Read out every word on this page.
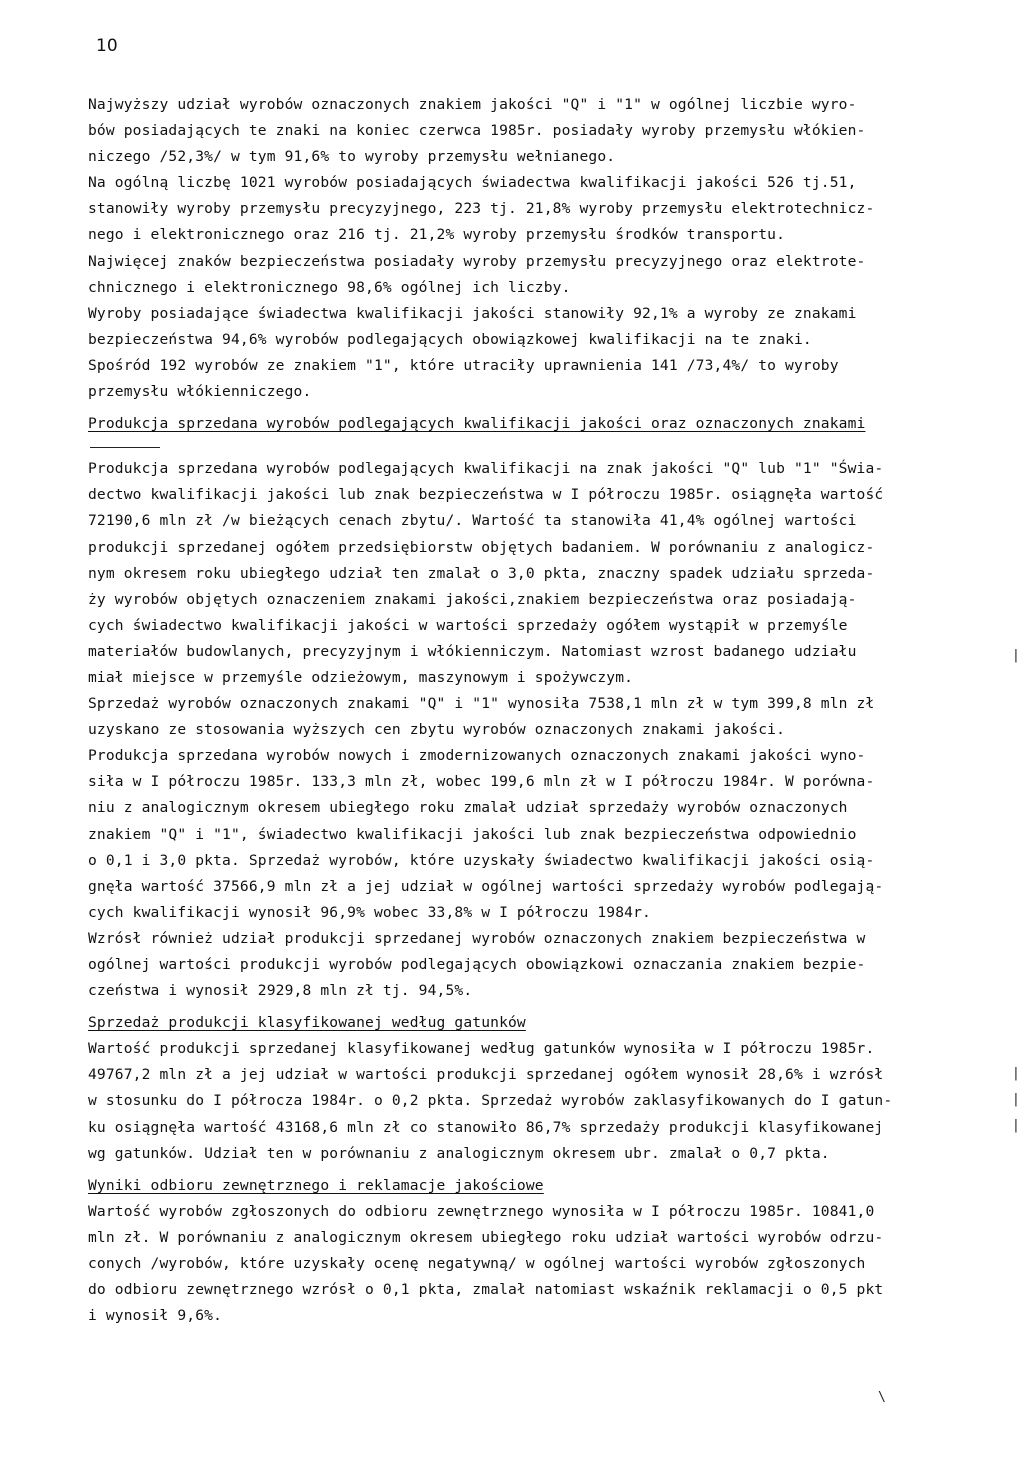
10
Najwyższy udział wyrobów oznaczonych znakiem jakości "Q" i "1" w ogólnej liczbie wyro-
bów posiadających te znaki na koniec czerwca 1985r. posiadały wyroby przemysłu włókien-
niczego /52,3%/ w tym 91,6% to wyroby przemysłu wełnianego.
Na ogólną liczbę 1021 wyrobów posiadających świadectwa kwalifikacji jakości 526 tj.51,
stanowiły wyroby przemysłu precyzyjnego, 223 tj. 21,8% wyroby przemysłu elektrotechnicz-
nego i elektronicznego oraz 216 tj. 21,2% wyroby przemysłu środków transportu.
Najwięcej znaków bezpieczeństwa posiadały wyroby przemysłu precyzyjnego oraz elektrote-
chnicznego i elektronicznego 98,6% ogólnej ich liczby.
Wyroby posiadające świadectwa kwalifikacji jakości stanowiły 92,1% a wyroby ze znakami
bezpieczeństwa 94,6% wyrobów podlegających obowiązkowej kwalifikacji na te znaki.
Spośród 192 wyrobów ze znakiem "1", które utraciły uprawnienia 141 /73,4%/ to wyroby
przemysłu włókienniczego.
Produkcja sprzedana wyrobów podlegających kwalifikacji jakości oraz oznaczonych znakami
Produkcja sprzedana wyrobów podlegających kwalifikacji na znak jakości "Q" lub "1" "Świa-
dectwo kwalifikacji jakości lub znak bezpieczeństwa w I półroczu 1985r. osiągnęła wartość
72190,6 mln zł /w bieżących cenach zbytu/. Wartość ta stanowiła 41,4% ogólnej wartości
produkcji sprzedanej ogółem przedsiębiorstw objętych badaniem. W porównaniu z analogicz-
nym okresem roku ubiegłego udział ten zmalał o 3,0 pkta, znaczny spadek udziału sprzeda-
ży wyrobów objętych oznaczeniem znakami jakości,znakiem bezpieczeństwa oraz posiadają-
cych świadectwo kwalifikacji jakości w wartości sprzedaży ogółem wystąpił w przemyśle
materiałów budowlanych, precyzyjnym i włókienniczym. Natomiast wzrost badanego udziału
miał miejsce w przemyśle odzieżowym, maszynowym i spożywczym.
Sprzedaż wyrobów oznaczonych znakami "Q" i "1" wynosiła 7538,1 mln zł w tym 399,8 mln zł
uzyskano ze stosowania wyższych cen zbytu wyrobów oznaczonych znakami jakości.
Produkcja sprzedana wyrobów nowych i zmodernizowanych oznaczonych znakami jakości wyno-
siła w I półroczu 1985r. 133,3 mln zł, wobec 199,6 mln zł w I półroczu 1984r. W porówna-
niu z analogicznym okresem ubiegłego roku zmalał udział sprzedaży wyrobów oznaczonych
znakiem "Q" i "1", świadectwo kwalifikacji jakości lub znak bezpieczeństwa odpowiednio
o 0,1 i 3,0 pkta. Sprzedaż wyrobów, które uzyskały świadectwo kwalifikacji jakości osią-
gnęła wartość 37566,9 mln zł a jej udział w ogólnej wartości sprzedaży wyrobów podlegają-
cych kwalifikacji wynosił 96,9% wobec 33,8% w I półroczu 1984r.
Wzrósł również udział produkcji sprzedanej wyrobów oznaczonych znakiem bezpieczeństwa w
ogólnej wartości produkcji wyrobów podlegających obowiązkowi oznaczania znakiem bezpie-
czeństwa i wynosił 2929,8 mln zł tj. 94,5%.
Sprzedaż produkcji klasyfikowanej według gatunków
Wartość produkcji sprzedanej klasyfikowanej według gatunków wynosiła w I półroczu 1985r.
49767,2 mln zł a jej udział w wartości produkcji sprzedanej ogółem wynosił 28,6% i wzrósł
w stosunku do I półrocza 1984r. o 0,2 pkta. Sprzedaż wyrobów zaklasyfikowanych do I gatun-
ku osiągnęła wartość 43168,6 mln zł co stanowiło 86,7% sprzedaży produkcji klasyfikowanej
wg gatunków. Udział ten w porównaniu z analogicznym okresem ubr. zmalał o 0,7 pkta.
Wyniki odbioru zewnętrznego i reklamacje jakościowe
Wartość wyrobów zgłoszonych do odbioru zewnętrznego wynosiła w I półroczu 1985r. 10841,0
mln zł. W porównaniu z analogicznym okresem ubiegłego roku udział wartości wyrobów odrzu-
conych /wyrobów, które uzyskały ocenę negatywną/ w ogólnej wartości wyrobów zgłoszonych
do odbioru zewnętrznego wzrósł o 0,1 pkta, zmalał natomiast wskaźnik reklamacji o 0,5 pkt
i wynosił 9,6%.
|
|
|
|
\
